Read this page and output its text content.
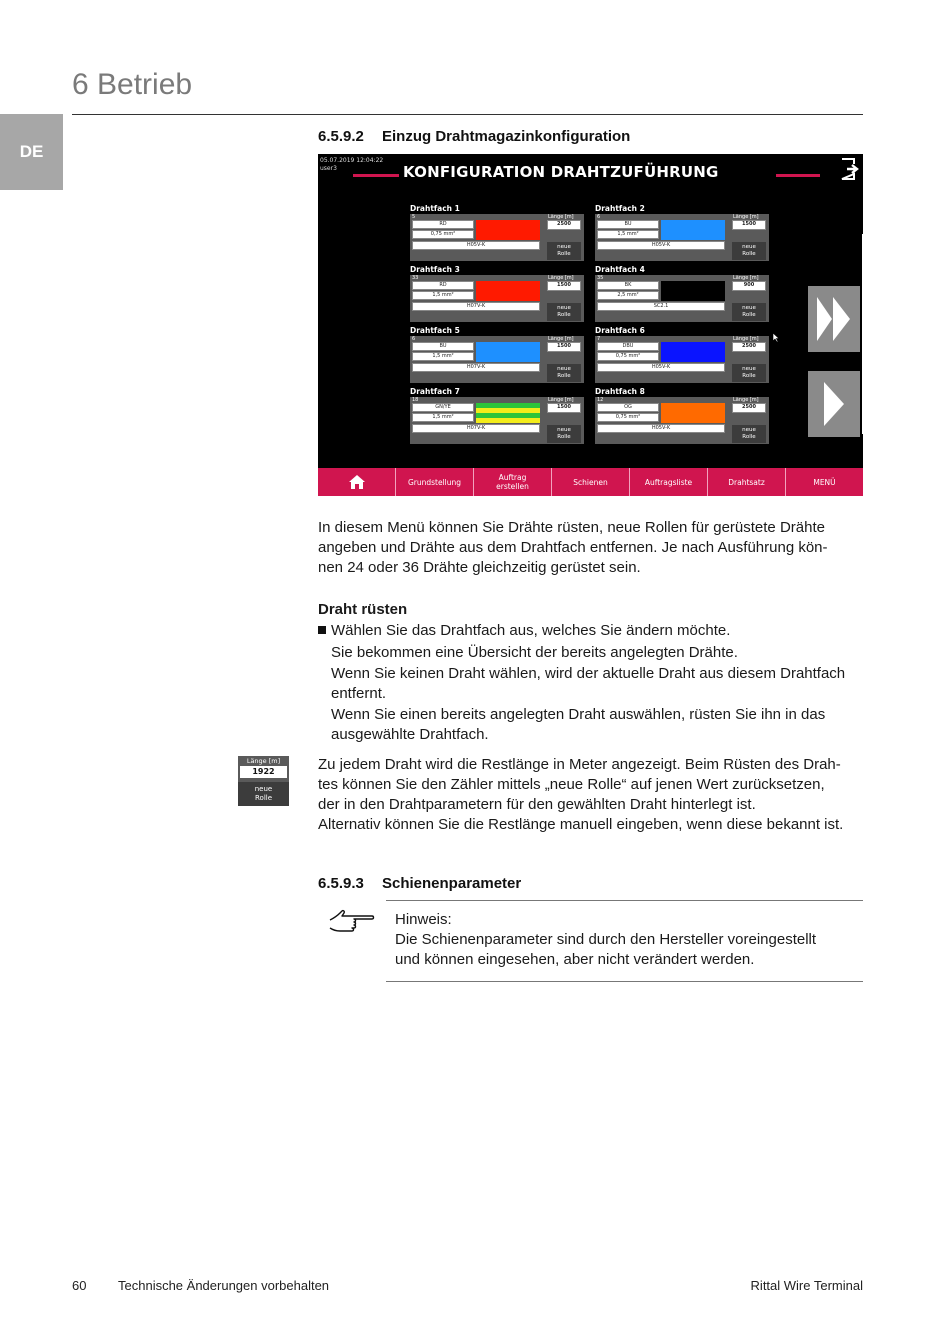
6 Betrieb
DE
6.5.9.2 Einzug Drahtmagazinkonfiguration
05.07.2019 12:04:22
user3	KONFIGURATION DRAHTZUFÜHRUNG
Drahtfach 1
5	Länge [m]
RD
0,75 mm²
H05V-K
2500
neue
Rolle
Drahtfach 2
6	Länge [m]
BU
1,5 mm²
H05V-K
1500
neue
Rolle
Drahtfach 3
33	Länge [m]
RD
1,5 mm²
H07V-K
1500
neue
Rolle
Drahtfach 4
35	Länge [m]
BK
2,5 mm²
SC2.1
900
neue
Rolle
Drahtfach 5
6	Länge [m]
BU
1,5 mm²
H07V-K
1500
neue
Rolle
Drahtfach 6
7	Länge [m]
DBU
0,75 mm²
H05V-K
2500
neue
Rolle
Drahtfach 7
18	Länge [m]
GN/YE
1,5 mm²
H07V-K
1500
neue
Rolle
Drahtfach 8
12	Länge [m]
OG
0,75 mm²
H05V-K
2500
neue
Rolle
Grundstellung	Auftrag
erstellen	Schienen	Auftragsliste	Drahtsatz	MENÜ
In diesem Menü können Sie Drähte rüsten, neue Rollen für gerüstete Drähte
angeben und Drähte aus dem Drahtfach entfernen. Je nach Ausführung kön-
nen 24 oder 36 Drähte gleichzeitig gerüstet sein.
Draht rüsten
Wählen Sie das Drahtfach aus, welches Sie ändern möchte.
Sie bekommen eine Übersicht der bereits angelegten Drähte.
Wenn Sie keinen Draht wählen, wird der aktuelle Draht aus diesem Drahtfach
entfernt.
Wenn Sie einen bereits angelegten Draht auswählen, rüsten Sie ihn in das
ausgewählte Drahtfach.
Länge [m]
1922
neue
Rolle
Zu jedem Draht wird die Restlänge in Meter angezeigt. Beim Rüsten des Drah-
tes können Sie den Zähler mittels „neue Rolle“ auf jenen Wert zurücksetzen,
der in den Drahtparametern für den gewählten Draht hinterlegt ist.
Alternativ können Sie die Restlänge manuell eingeben, wenn diese bekannt ist.
6.5.9.3 Schienenparameter
Hinweis:
Die Schienenparameter sind durch den Hersteller voreingestellt
und können eingesehen, aber nicht verändert werden.
60 Technische Änderungen vorbehalten	Rittal Wire Terminal
